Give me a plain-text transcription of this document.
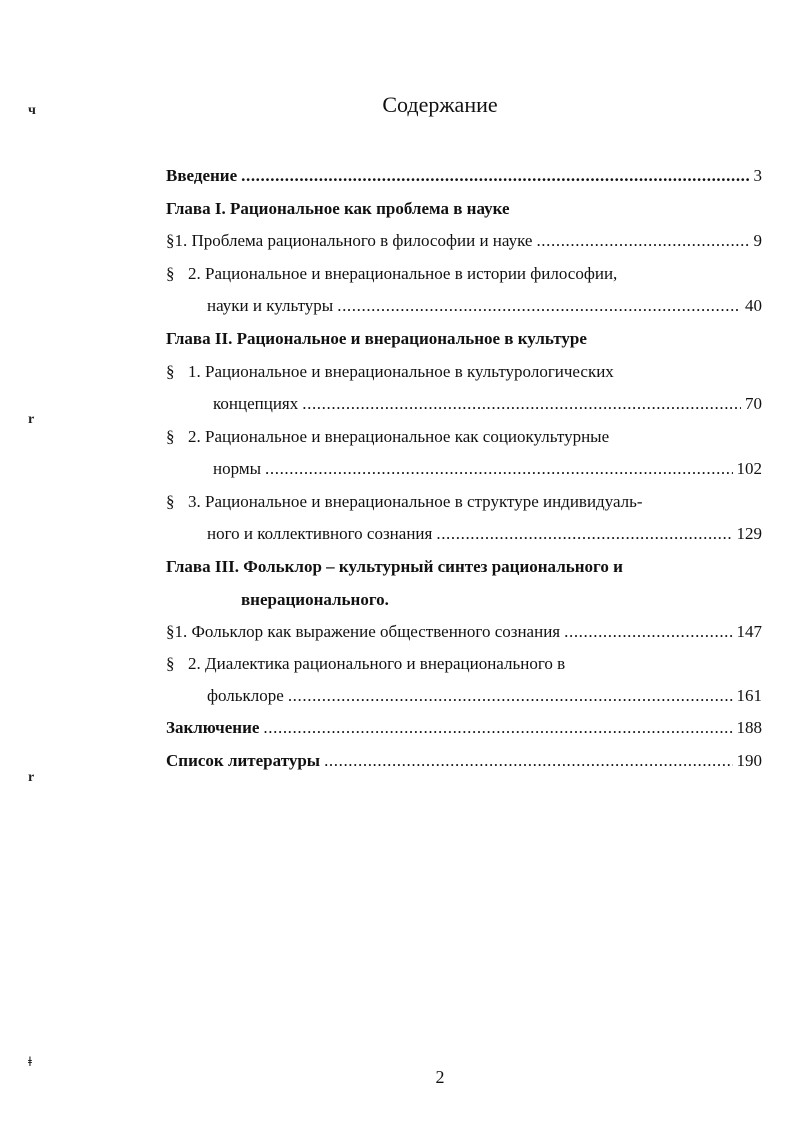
ч
r
r
ǂ
Содержание
Введение .....	3
Глава I. Рациональное как проблема в науке
§ 1. Проблема рационального в философии и науке .....	9
§ 2. Рациональное и внерациональное в истории философии,
науки и культуры .....	40
Глава II. Рациональное и внерациональное в культуре
§ 1. Рациональное и внерациональное в культурологических
концепциях .....	70
§ 2. Рациональное и внерациональное как социокультурные
нормы .....	102
§ 3. Рациональное и внерациональное в структуре индивидуаль-
ного и коллективного сознания .....	129
Глава III. Фольклор – культурный синтез рационального и
внерационального.
§ 1. Фольклор как выражение общественного сознания .....	147
§ 2. Диалектика рационального и внерационального в
фольклоре .....	161
Заключение .....	188
Список литературы .....	190
2
